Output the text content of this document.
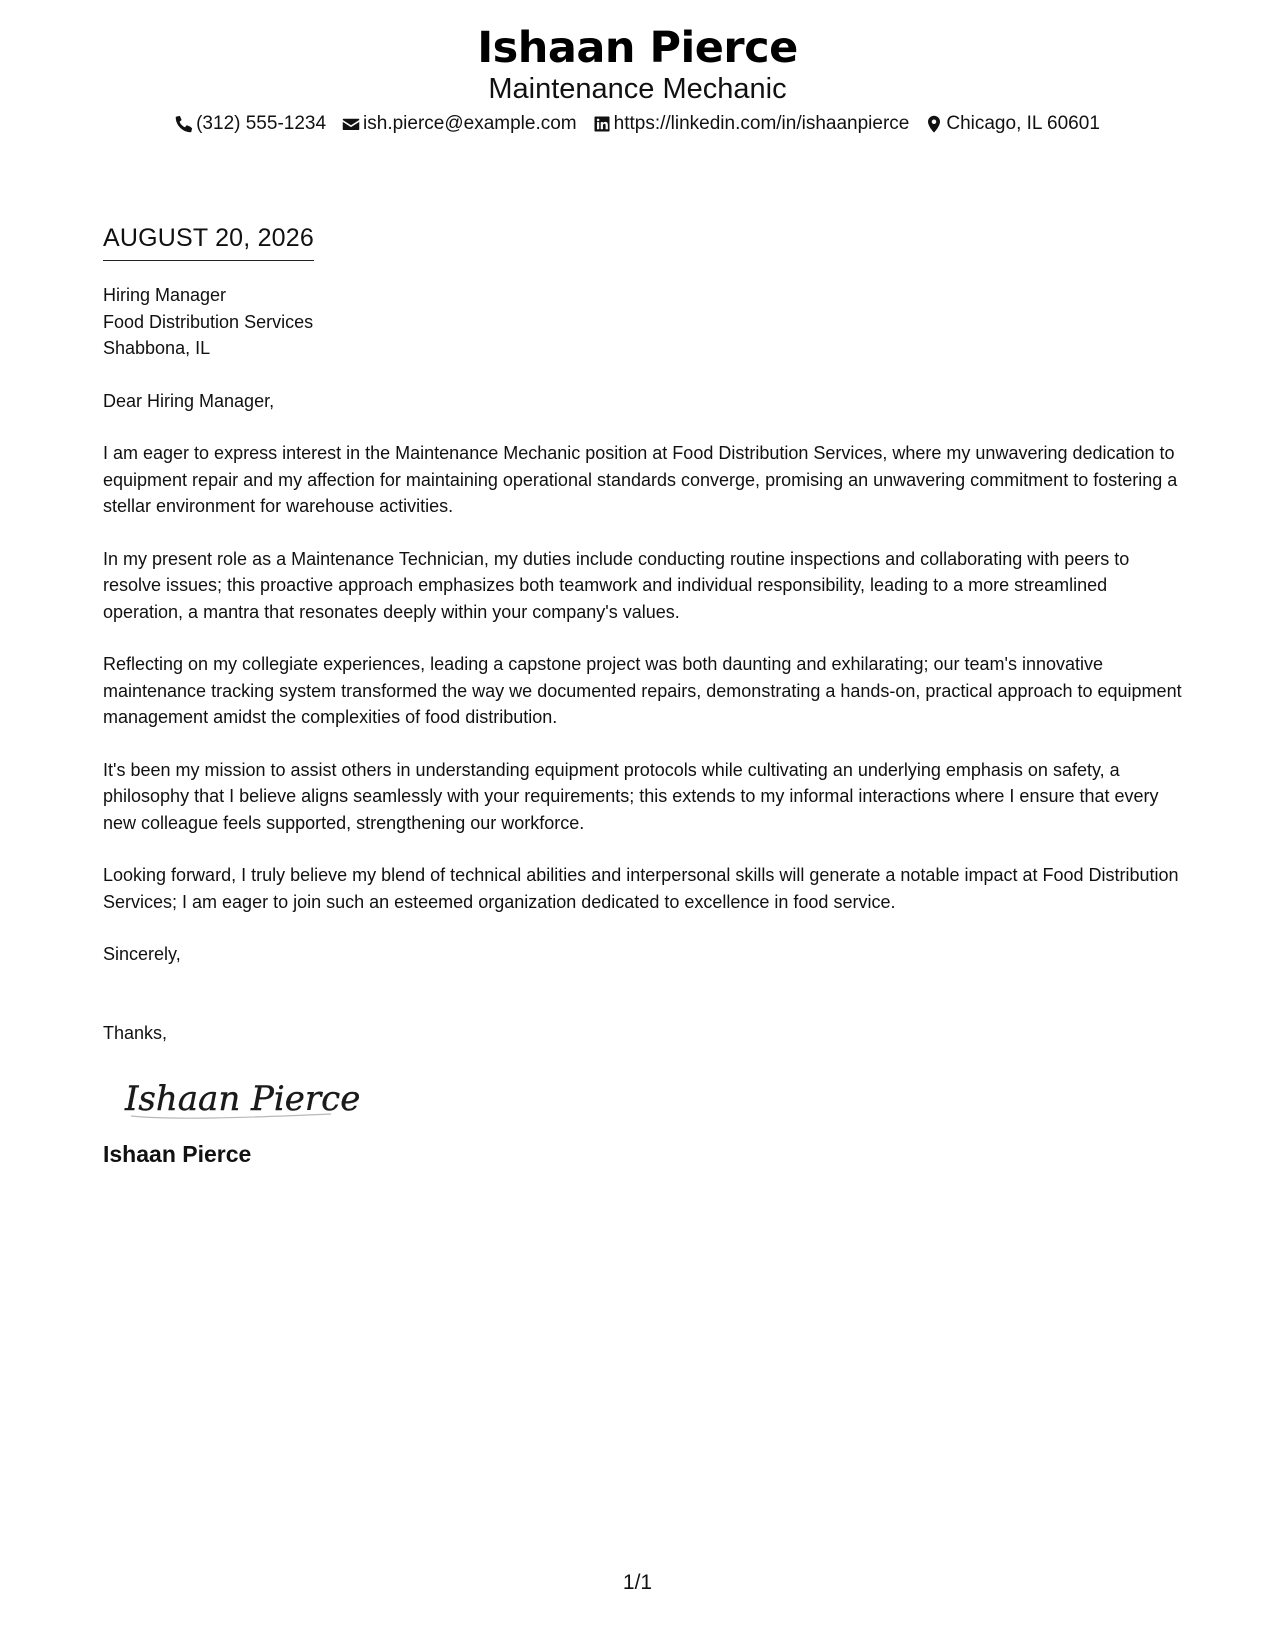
Ishaan Pierce
Maintenance Mechanic
(312) 555-1234 ish.pierce@example.com https://linkedin.com/in/ishaanpierce Chicago, IL 60601
AUGUST 20, 2026
Hiring Manager
Food Distribution Services
Shabbona, IL

Dear Hiring Manager,

I am eager to express interest in the Maintenance Mechanic position at Food Distribution Services, where my unwavering dedication to equipment repair and my affection for maintaining operational standards converge, promising an unwavering commitment to fostering a stellar environment for warehouse activities.

In my present role as a Maintenance Technician, my duties include conducting routine inspections and collaborating with peers to resolve issues; this proactive approach emphasizes both teamwork and individual responsibility, leading to a more streamlined operation, a mantra that resonates deeply within your company's values.

Reflecting on my collegiate experiences, leading a capstone project was both daunting and exhilarating; our team's innovative maintenance tracking system transformed the way we documented repairs, demonstrating a hands-on, practical approach to equipment management amidst the complexities of food distribution.

It's been my mission to assist others in understanding equipment protocols while cultivating an underlying emphasis on safety, a philosophy that I believe aligns seamlessly with your requirements; this extends to my informal interactions where I ensure that every new colleague feels supported, strengthening our workforce.

Looking forward, I truly believe my blend of technical abilities and interpersonal skills will generate a notable impact at Food Distribution Services; I am eager to join such an esteemed organization dedicated to excellence in food service.

Sincerely,

Thanks,

Ishaan Pierce
Ishaan Pierce
1/1
